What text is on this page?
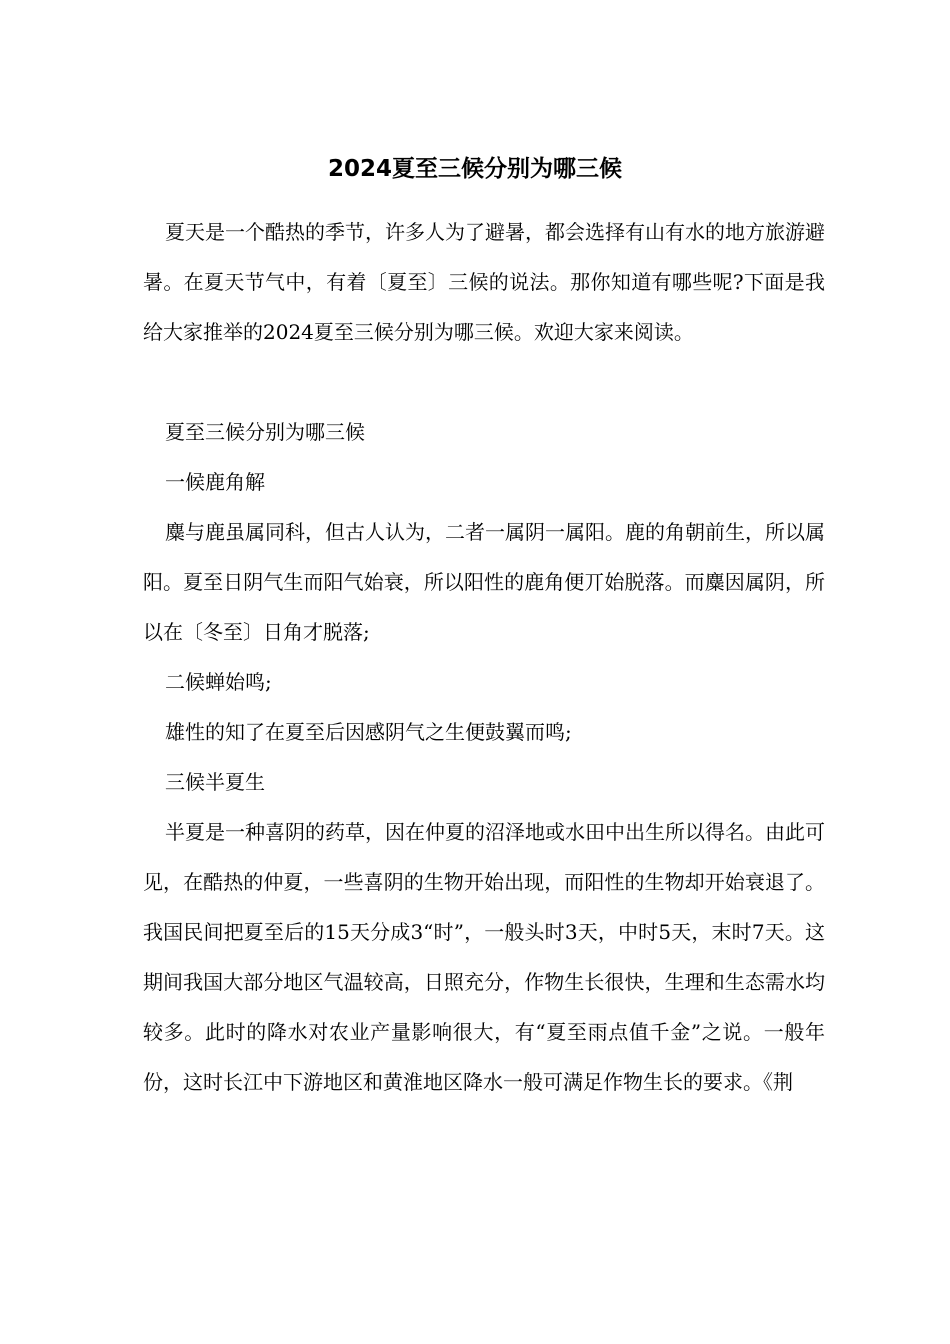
2024夏至三候分别为哪三候

夏天是一个酷热的季节，许多人为了避暑，都会选择有山有水的地方旅游避暑。在夏天节气中，有着〔夏至〕三候的说法。那你知道有哪些呢?下面是我给大家推举的2024夏至三候分别为哪三候。欢迎大家来阅读。

夏至三候分别为哪三候

一候鹿角解

麋与鹿虽属同科，但古人认为，二者一属阴一属阳。鹿的角朝前生，所以属阳。夏至日阴气生而阳气始衰，所以阳性的鹿角便丌始脱落。而麋因属阴，所以在〔冬至〕日角才脱落;

二候蝉始鸣;

雄性的知了在夏至后因感阴气之生便鼓翼而鸣;

三候半夏生

半夏是一种喜阴的药草，因在仲夏的沼泽地或水田中出生所以得名。由此可见，在酷热的仲夏，一些喜阴的生物开始出现，而阳性的生物却开始衰退了。我国民间把夏至后的15天分成3“时”，一般头时3天，中时5天，末时7天。这期间我国大部分地区气温较高，日照充分，作物生长很快，生理和生态需水均较多。此时的降水对农业产量影响很大，有“夏至雨点值千金”之说。一般年份，这时长江中下游地区和黄淮地区降水一般可满足作物生长的要求。《荆
